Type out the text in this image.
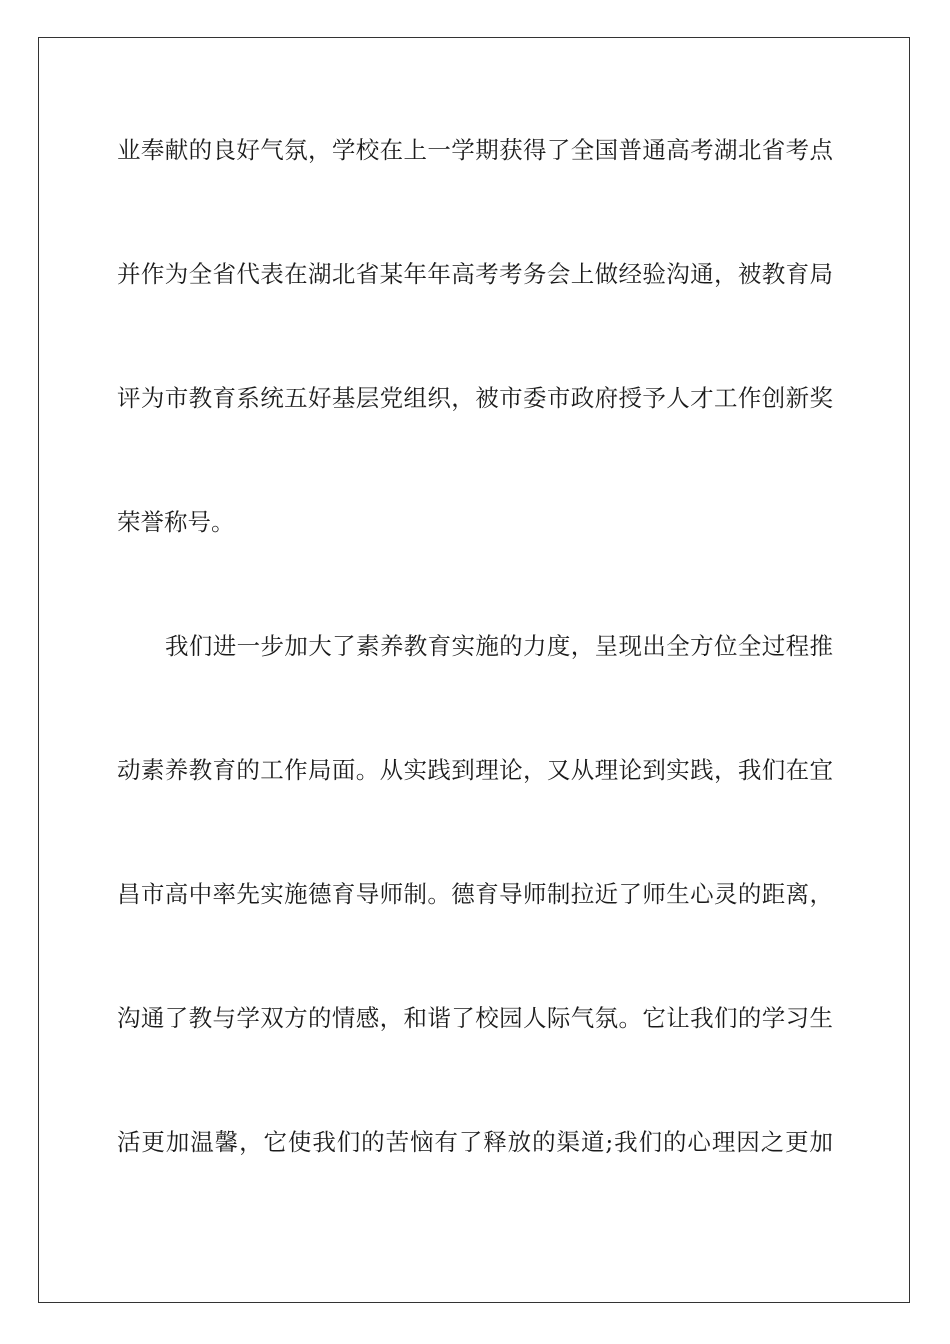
业奉献的良好气氛，学校在上一学期获得了全国普通高考湖北省考点
并作为全省代表在湖北省某年年高考考务会上做经验沟通，被教育局
评为市教育系统五好基层党组织，被市委市政府授予人才工作创新奖
荣誉称号。
我们进一步加大了素养教育实施的力度，呈现出全方位全过程推
动素养教育的工作局面。从实践到理论，又从理论到实践，我们在宜
昌市高中率先实施德育导师制。德育导师制拉近了师生心灵的距离，
沟通了教与学双方的情感，和谐了校园人际气氛。它让我们的学习生
活更加温馨，它使我们的苦恼有了释放的渠道;我们的心理因之更加
